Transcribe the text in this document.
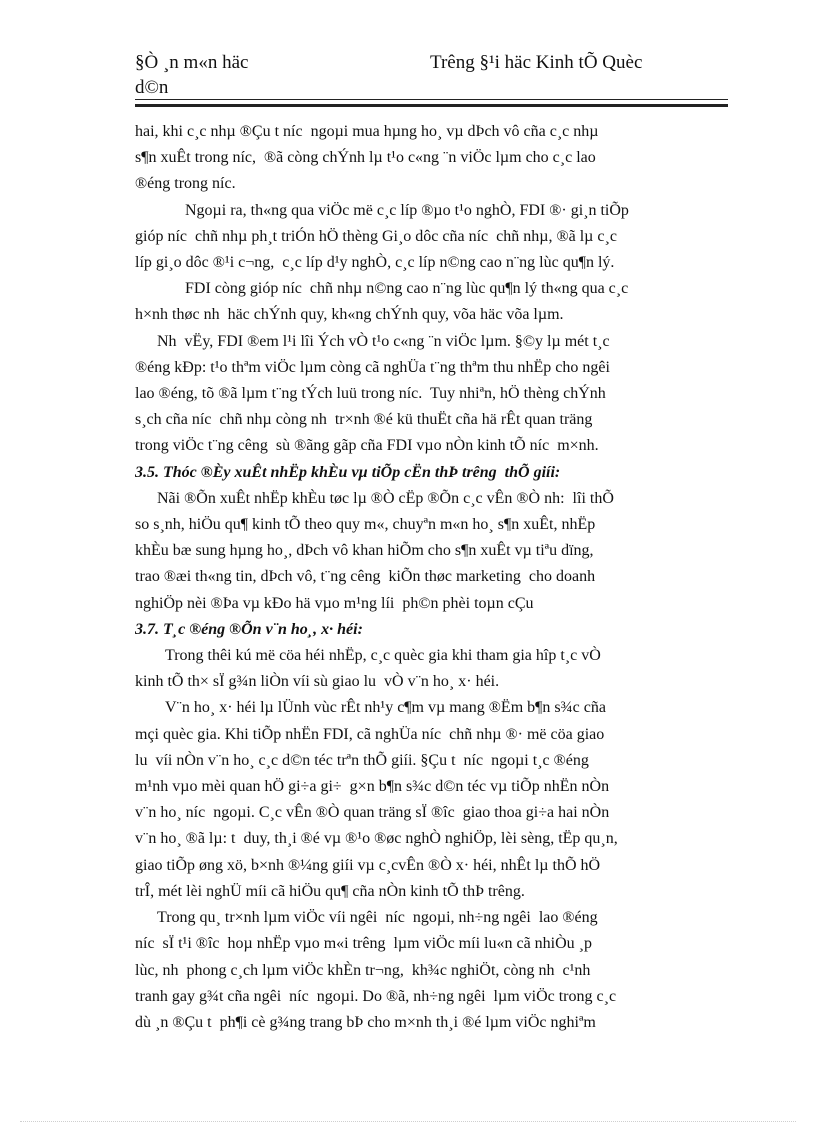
§Ò ¸n m«n häc
d©n
Trêng §¹i häc Kinh tÕ Quèc
hai, khi c¸c nhµ ®Çu t níc  ngoµi mua hµng ho¸ vµ dÞch vô cña c¸c nhµ
s¶n xuÊt trong níc,  ®ã còng chÝnh lµ t¹o c«ng ¨n viÖc lµm cho c¸c lao
®éng trong níc.
Ngoµi ra, th«ng qua viÖc më c¸c líp ®µo t¹o nghÒ, FDI ®· gi¸n tiÕp
gióp níc  chñ nhµ ph¸t triÓn hÖ thèng Gi¸o dôc cña níc  chñ nhµ, ®ã lµ c¸c
líp gi¸o dôc ®¹i c¬ng,  c¸c líp d¹y nghÒ, c¸c líp n©ng cao n¨ng lùc qu¶n lý.
FDI còng gióp níc  chñ nhµ n©ng cao n¨ng lùc qu¶n lý th«ng qua c¸c
h×nh thøc nh  häc chÝnh quy, kh«ng chÝnh quy, võa häc võa lµm.
Nh  vËy, FDI ®em l¹i lîi Ých vÒ t¹o c«ng ¨n viÖc lµm. §©y lµ mét t¸c
®éng kÐp: t¹o thªm viÖc lµm còng cã nghÜa t¨ng thªm thu nhËp cho ngêi
lao ®éng, tõ ®ã lµm t¨ng tÝch luü trong níc.  Tuy nhiªn, hÖ thèng chÝnh
s¸ch cña níc  chñ nhµ còng nh  tr×nh ®é kü thuËt cña hä rÊt quan träng
trong viÖc t¨ng cêng  sù ®ãng gãp cña FDI vµo nÒn kinh tÕ níc  m×nh.
3.5. Thóc ®Èy xuÊt nhËp khÈu vµ tiÕp cËn thÞ trêng  thÕ giíi:
Nãi ®Õn xuÊt nhËp khÈu tøc lµ ®Ò cËp ®Õn c¸c vÊn ®Ò nh:  lîi thÕ
so s¸nh, hiÖu qu¶ kinh tÕ theo quy m«, chuyªn m«n ho¸ s¶n xuÊt, nhËp
khÈu bæ sung hµng ho¸, dÞch vô khan hiÕm cho s¶n xuÊt vµ tiªu dïng,
trao ®æi th«ng tin, dÞch vô, t¨ng cêng  kiÕn thøc marketing  cho doanh
nghiÖp nèi ®Þa vµ kÐo hä vµo m¹ng líi  ph©n phèi toµn cÇu
3.7. T¸c ®éng ®Õn v¨n ho¸, x· héi:
Trong thêi kú më cöa héi nhËp, c¸c quèc gia khi tham gia hîp t¸c vÒ
kinh tÕ th× sÏ g¾n liÒn víi sù giao lu  vÒ v¨n ho¸ x· héi.
V¨n ho¸ x· héi lµ lÜnh vùc rÊt nh¹y c¶m vµ mang ®Ëm b¶n s¾c cña
mçi quèc gia. Khi tiÕp nhËn FDI, cã nghÜa níc  chñ nhµ ®· më cöa giao
lu  víi nÒn v¨n ho¸ c¸c d©n téc trªn thÕ giíi. §Çu t  níc  ngoµi t¸c ®éng
m¹nh vµo mèi quan hÖ gi÷a gi÷  g×n b¶n s¾c d©n téc vµ tiÕp nhËn nÒn
v¨n ho¸ níc  ngoµi. C¸c vÊn ®Ò quan träng sÏ ®îc  giao thoa gi÷a hai nÒn
v¨n ho¸ ®ã lµ: t  duy, th¸i ®é vµ ®¹o ®øc nghÒ nghiÖp, lèi sèng, tËp qu¸n,
giao tiÕp øng xö, b×nh ®¼ng giíi vµ c¸cvÊn ®Ò x· héi, nhÊt lµ thÕ hÖ
trÎ, mét lèi nghÜ míi cã hiÖu qu¶ cña nÒn kinh tÕ thÞ trêng.
Trong qu¸ tr×nh lµm viÖc víi ngêi  níc  ngoµi, nh÷ng ngêi  lao ®éng
níc  sÏ t¹i ®îc  hoµ nhËp vµo m«i trêng  lµm viÖc míi lu«n cã nhiÒu ¸p
lùc, nh  phong c¸ch lµm viÖc khÈn tr¬ng,  kh¾c nghiÖt, còng nh  c¹nh
tranh gay g¾t cña ngêi  níc  ngoµi. Do ®ã, nh÷ng ngêi  lµm viÖc trong c¸c
dù ¸n ®Çu t  ph¶i cè g¾ng trang bÞ cho m×nh th¸i ®é lµm viÖc nghiªm
